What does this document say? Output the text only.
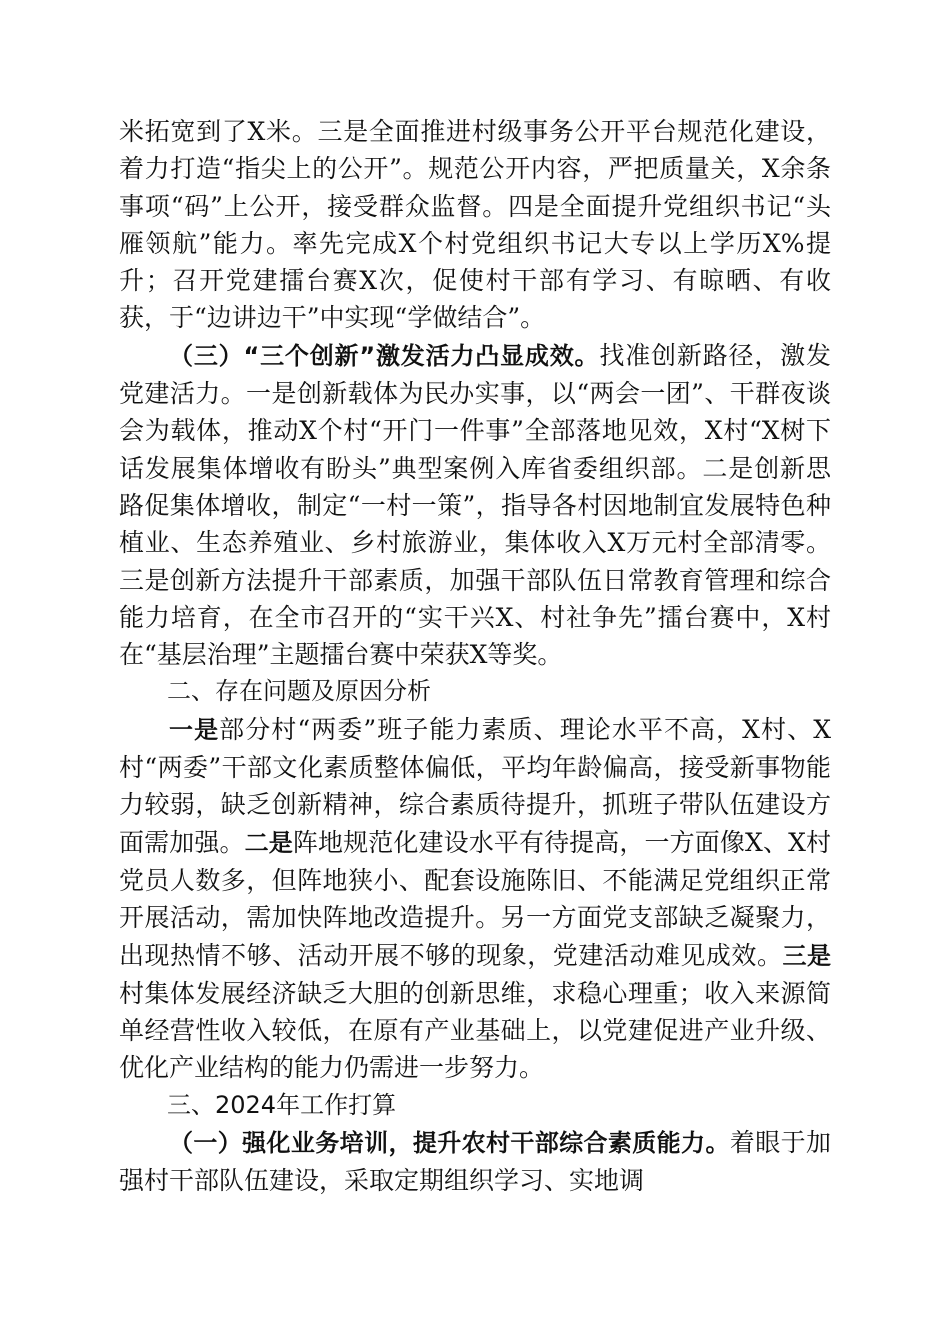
米拓宽到了X米。三是全面推进村级事务公开平台规范化建设，着力打造“指尖上的公开”。规范公开内容，严把质量关，X余条事项“码”上公开，接受群众监督。四是全面提升党组织书记“头雁领航”能力。率先完成X个村党组织书记大专以上学历X%提升；召开党建擂台赛X次，促使村干部有学习、有晾晒、有收获，于“边讲边干”中实现“学做结合”。

（三）“三个创新”激发活力凸显成效。找准创新路径，激发党建活力。一是创新载体为民办实事，以“两会一团”、干群夜谈会为载体，推动X个村“开门一件事”全部落地见效，X村“X树下话发展集体增收有盼头”典型案例入库省委组织部。二是创新思路促集体增收，制定“一村一策”，指导各村因地制宜发展特色种植业、生态养殖业、乡村旅游业，集体收入X万元村全部清零。三是创新方法提升干部素质，加强干部队伍日常教育管理和综合能力培育，在全市召开的“实干兴X、村社争先”擂台赛中，X村在“基层治理”主题擂台赛中荣获X等奖。

二、存在问题及原因分析

一是部分村“两委”班子能力素质、理论水平不高，X村、X村“两委”干部文化素质整体偏低，平均年龄偏高，接受新事物能力较弱，缺乏创新精神，综合素质待提升，抓班子带队伍建设方面需加强。二是阵地规范化建设水平有待提高，一方面像X、X村党员人数多，但阵地狭小、配套设施陈旧、不能满足党组织正常开展活动，需加快阵地改造提升。另一方面党支部缺乏凝聚力，出现热情不够、活动开展不够的现象，党建活动难见成效。三是村集体发展经济缺乏大胆的创新思维，求稳心理重；收入来源简单经营性收入较低，在原有产业基础上，以党建促进产业升级、优化产业结构的能力仍需进一步努力。

三、2024年工作打算

（一）强化业务培训，提升农村干部综合素质能力。着眼于加强村干部队伍建设，采取定期组织学习、实地调
